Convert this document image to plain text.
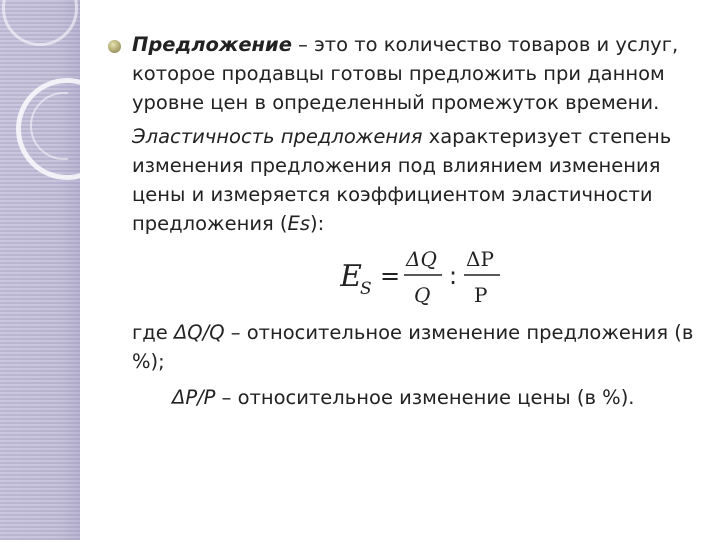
Предложение – это то количество товаров и услуг, которое продавцы готовы предложить при данном уровне цен в определенный промежуток времени.

Эластичность предложения характеризует степень изменения предложения под влиянием изменения цены и измеряется коэффициентом эластичности предложения (Es):

E
S =
ΔQ
Q
:
ΔP
P

где ΔQ/Q – относительное изменение предложения (в %);

ΔP/P – относительное изменение цены (в %).
